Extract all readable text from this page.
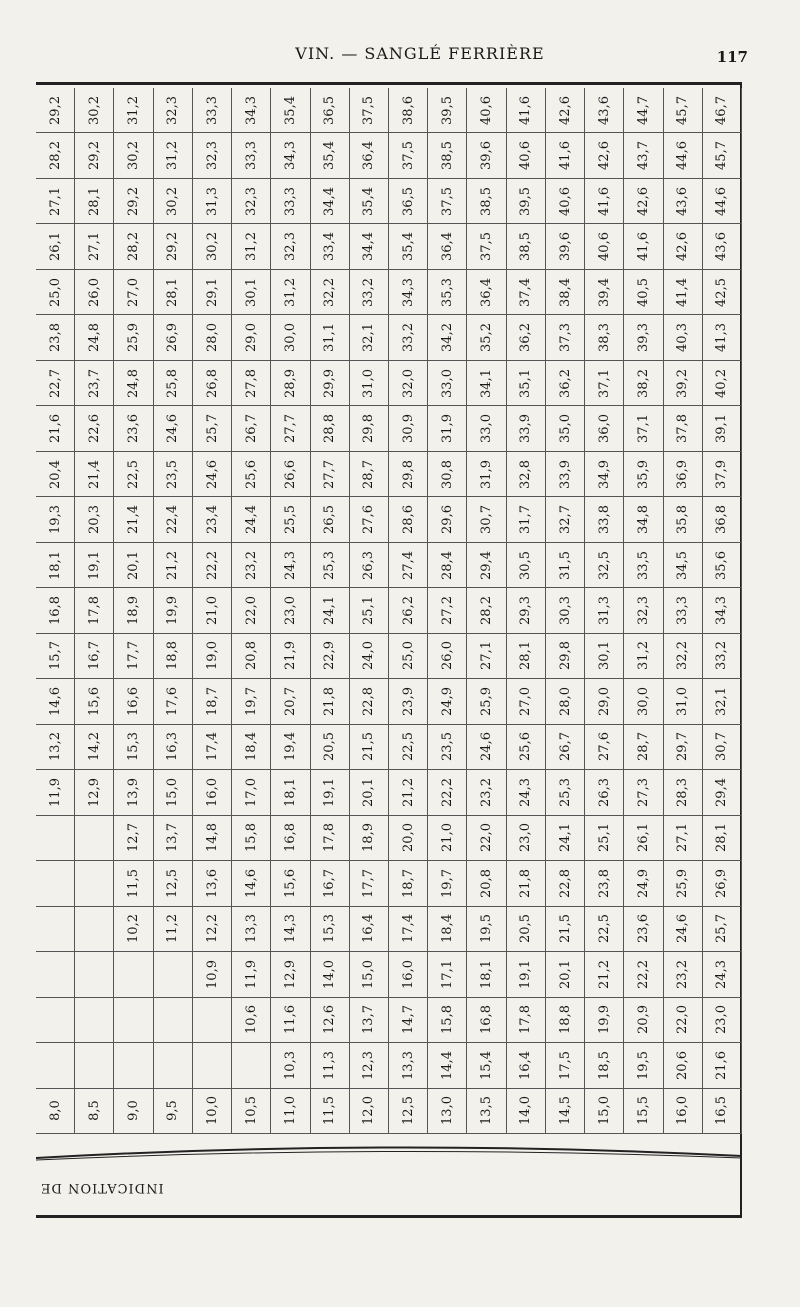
VIN. — SANGLÉ FERRIÈRE	117
29,2 30,2 31,2 32,3 33,3 34,3 35,4 36,5 37,5 38,6 39,5 40,6 41,6 42,6 43,6 44,7 45,7 46,7
28,2 29,2 30,2 31,2 32,3 33,3 34,3 35,4 36,4 37,5 38,5 39,6 40,6 41,6 42,6 43,7 44,6 45,7
27,1 28,1 29,2 30,2 31,3 32,3 33,3 34,4 35,4 36,5 37,5 38,5 39,5 40,6 41,6 42,6 43,6 44,6
26,1 27,1 28,2 29,2 30,2 31,2 32,3 33,4 34,4 35,4 36,4 37,5 38,5 39,6 40,6 41,6 42,6 43,6
25,0 26,0 27,0 28,1 29,1 30,1 31,2 32,2 33,2 34,3 35,3 36,4 37,4 38,4 39,4 40,5 41,4 42,5
23,8 24,8 25,9 26,9 28,0 29,0 30,0 31,1 32,1 33,2 34,2 35,2 36,2 37,3 38,3 39,3 40,3 41,3
22,7 23,7 24,8 25,8 26,8 27,8 28,9 29,9 31,0 32,0 33,0 34,1 35,1 36,2 37,1 38,2 39,2 40,2
21,6 22,6 23,6 24,6 25,7 26,7 27,7 28,8 29,8 30,9 31,9 33,0 33,9 35,0 36,0 37,1 37,8 39,1
20,4 21,4 22,5 23,5 24,6 25,6 26,6 27,7 28,7 29,8 30,8 31,9 32,8 33,9 34,9 35,9 36,9 37,9
19,3 20,3 21,4 22,4 23,4 24,4 25,5 26,5 27,6 28,6 29,6 30,7 31,7 32,7 33,8 34,8 35,8 36,8
18,1 19,1 20,1 21,2 22,2 23,2 24,3 25,3 26,3 27,4 28,4 29,4 30,5 31,5 32,5 33,5 34,5 35,6
16,8 17,8 18,9 19,9 21,0 22,0 23,0 24,1 25,1 26,2 27,2 28,2 29,3 30,3 31,3 32,3 33,3 34,3
15,7 16,7 17,7 18,8 19,0 20,8 21,9 22,9 24,0 25,0 26,0 27,1 28,1 29,8 30,1 31,2 32,2 33,2
14,6 15,6 16,6 17,6 18,7 19,7 20,7 21,8 22,8 23,9 24,9 25,9 27,0 28,0 29,0 30,0 31,0 32,1
13,2 14,2 15,3 16,3 17,4 18,4 19,4 20,5 21,5 22,5 23,5 24,6 25,6 26,7 27,6 28,7 29,7 30,7
11,9 12,9 13,9 15,0 16,0 17,0 18,1 19,1 20,1 21,2 22,2 23,2 24,3 25,3 26,3 27,3 28,3 29,4
12,7 13,7 14,8 15,8 16,8 17,8 18,9 20,0 21,0 22,0 23,0 24,1 25,1 26,1 27,1 28,1
11,5 12,5 13,6 14,6 15,6 16,7 17,7 18,7 19,7 20,8 21,8 22,8 23,8 24,9 25,9 26,9
10,2 11,2 12,2 13,3 14,3 15,3 16,4 17,4 18,4 19,5 20,5 21,5 22,5 23,6 24,6 25,7
10,9 11,9 12,9 14,0 15,0 16,0 17,1 18,1 19,1 20,1 21,2 22,2 23,2 24,3
10,6 11,6 12,6 13,7 14,7 15,8 16,8 17,8 18,8 19,9 20,9 22,0 23,0
10,3 11,3 12,3 13,3 14,4 15,4 16,4 17,5 18,5 19,5 20,6 21,6
8,0 8,5 9,0 9,5 10,0 10,5 11,0 11,5 12,0 12,5 13,0 13,5 14,0 14,5 15,0 15,5 16,0 16,5
INDICATION DE
